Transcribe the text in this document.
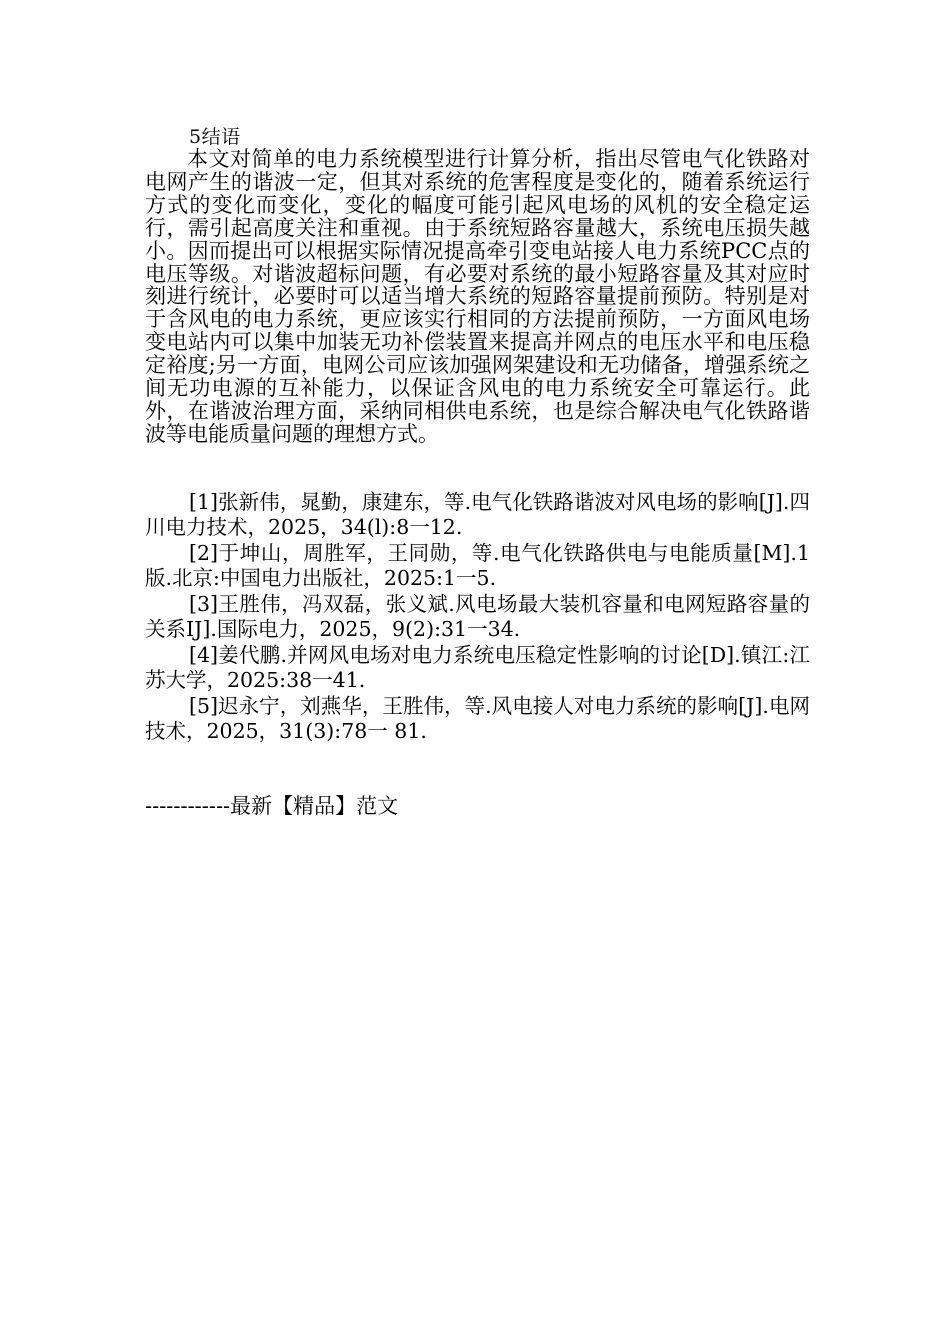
5结语

本文对简单的电力系统模型进行计算分析，指出尽管电气化铁路对电网产生的谐波一定，但其对系统的危害程度是变化的，随着系统运行方式的变化而变化，变化的幅度可能引起风电场的风机的安全稳定运行，需引起高度关注和重视。由于系统短路容量越大，系统电压损失越小。因而提出可以根据实际情况提高牵引变电站接人电力系统PCC点的电压等级。对谐波超标问题，有必要对系统的最小短路容量及其对应时刻进行统计，必要时可以适当增大系统的短路容量提前预防。特别是对于含风电的电力系统，更应该实行相同的方法提前预防，一方面风电场变电站内可以集中加装无功补偿装置来提高并网点的电压水平和电压稳定裕度;另一方面，电网公司应该加强网架建设和无功储备，增强系统之间无功电源的互补能力，以保证含风电的电力系统安全可靠运行。此外，在谐波治理方面，采纳同相供电系统，也是综合解决电气化铁路谐波等电能质量问题的理想方式。

[1]张新伟，晁勤，康建东，等.电气化铁路谐波对风电场的影响[J].四川电力技术，2025，34(l):8一12.

[2]于坤山，周胜军，王同勋，等.电气化铁路供电与电能质量[M].1版.北京:中国电力出版社，2025:1一5.

[3]王胜伟，冯双磊，张义斌.风电场最大装机容量和电网短路容量的关系IJ].国际电力，2025，9(2):31一34.

[4]姜代鹏.并网风电场对电力系统电压稳定性影响的讨论[D].镇江:江苏大学，2025:38一41.

[5]迟永宁，刘燕华，王胜伟，等.风电接人对电力系统的影响[J].电网技术，2025，31(3):78一 81.

------------最新【精品】范文
